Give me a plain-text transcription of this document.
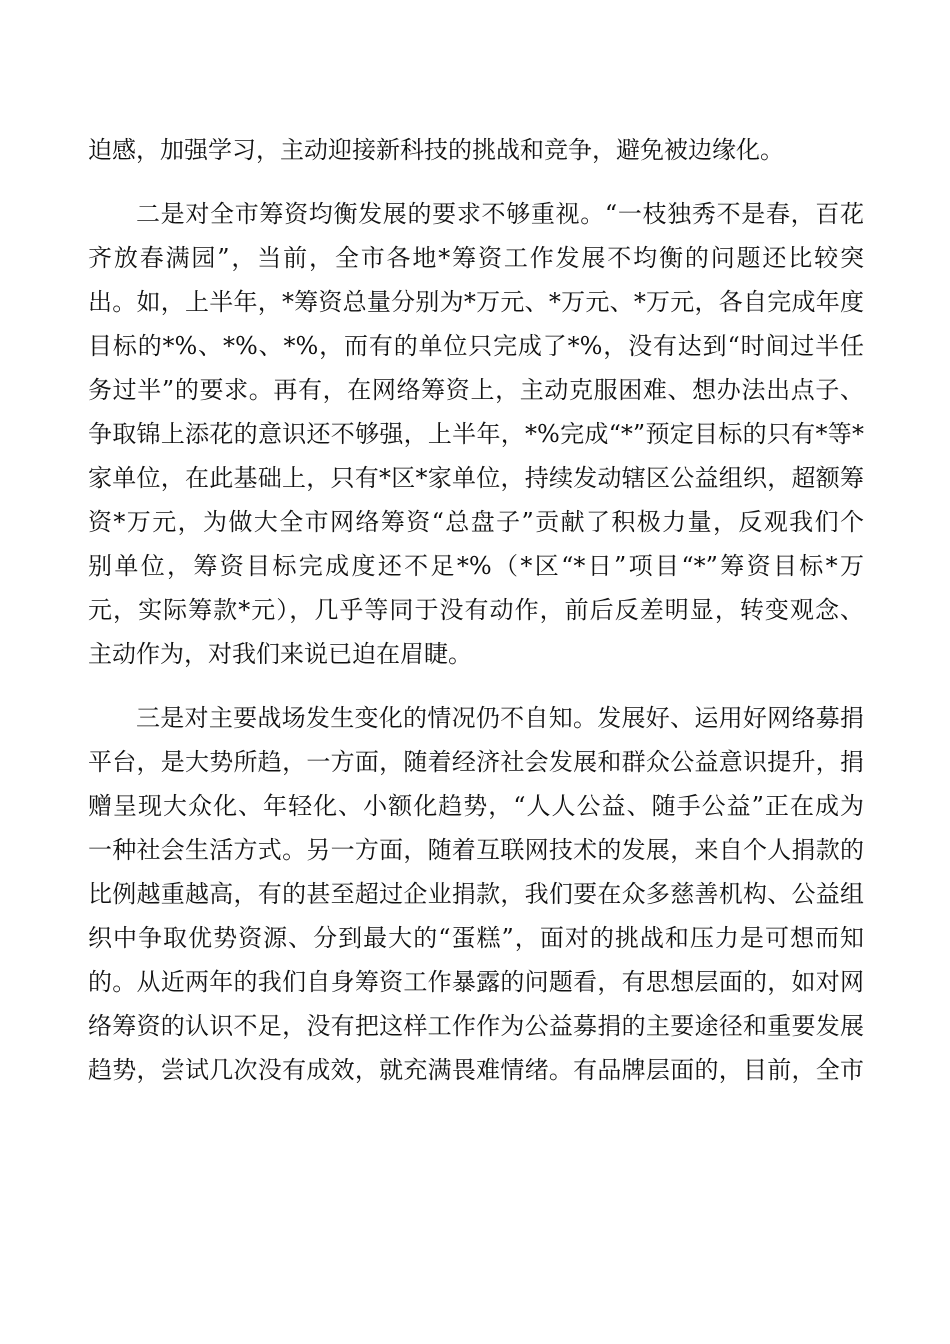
迫感，加强学习，主动迎接新科技的挑战和竞争，避免被边缘化。
二是对全市筹资均衡发展的要求不够重视。“一枝独秀不是春，百花
齐放春满园”，当前，全市各地*筹资工作发展不均衡的问题还比较突
出。如，上半年，*筹资总量分别为*万元、*万元、*万元，各自完成年度
目标的*%、*%、*%，而有的单位只完成了*%，没有达到“时间过半任
务过半”的要求。再有，在网络筹资上，主动克服困难、想办法出点子、
争取锦上添花的意识还不够强，上半年，*%完成“*”预定目标的只有*等*
家单位，在此基础上，只有*区*家单位，持续发动辖区公益组织，超额筹
资*万元，为做大全市网络筹资“总盘子”贡献了积极力量，反观我们个
别单位，筹资目标完成度还不足*%（*区“*日”项目“*”筹资目标*万
元，实际筹款*元），几乎等同于没有动作，前后反差明显，转变观念、
主动作为，对我们来说已迫在眉睫。
三是对主要战场发生变化的情况仍不自知。发展好、运用好网络募捐
平台，是大势所趋，一方面，随着经济社会发展和群众公益意识提升，捐
赠呈现大众化、年轻化、小额化趋势，“人人公益、随手公益”正在成为
一种社会生活方式。另一方面，随着互联网技术的发展，来自个人捐款的
比例越重越高，有的甚至超过企业捐款，我们要在众多慈善机构、公益组
织中争取优势资源、分到最大的“蛋糕”，面对的挑战和压力是可想而知
的。从近两年的我们自身筹资工作暴露的问题看，有思想层面的，如对网
络筹资的认识不足，没有把这样工作作为公益募捐的主要途径和重要发展
趋势，尝试几次没有成效，就充满畏难情绪。有品牌层面的，目前，全市
